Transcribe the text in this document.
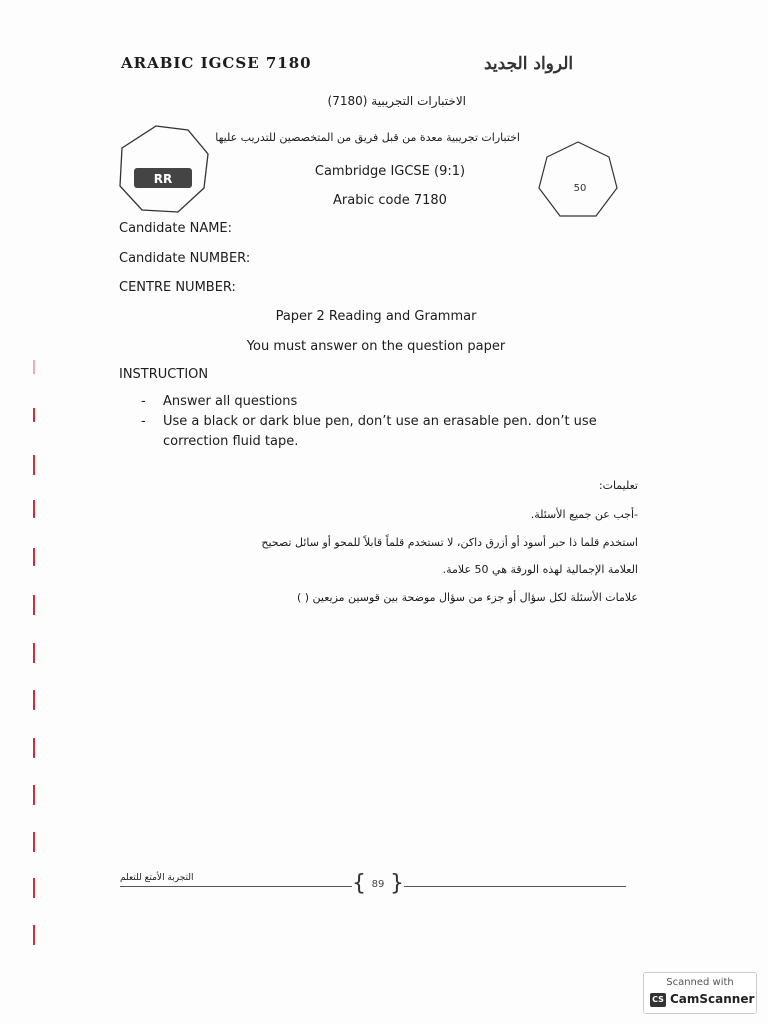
ARABIC IGCSE 7180	الرواد الجديد
الاختبارات التجريبية (7180)
اختبارات تجريبية معدة من قبل فريق من المتخصصين للتدريب عليها
RR
50
Cambridge IGCSE (9:1)
Arabic code 7180
Candidate NAME:
Candidate NUMBER:
CENTRE NUMBER:
Paper 2 Reading and Grammar
You must answer on the question paper
INSTRUCTION
- Answer all questions
- Use a black or dark blue pen, don’t use an erasable pen. don’t use correction fluid tape.
تعليمات:
-أجب عن جميع الأسئلة.
استخدم قلما ذا حبر أسود أو أزرق داكن، لا تستخدم قلماً قابلاً للمحو أو سائل تصحيح
العلامة الإجمالية لهذه الورقة هي 50 علامة.
علامات الأسئلة لكل سؤال أو جزء من سؤال موضحة بين قوسين مزيعين ( )
التجربة الأمتع للتعلم	{ 89 }
Scanned with
CS CamScanner
